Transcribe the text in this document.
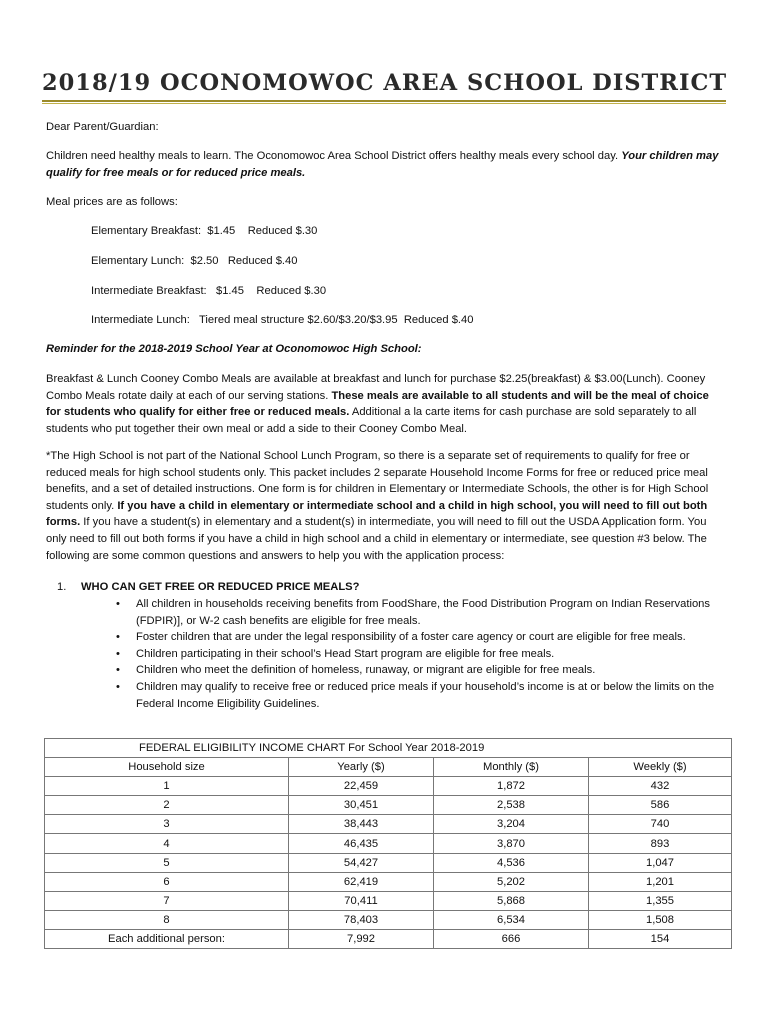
2018/19 OCONOMOWOC AREA SCHOOL DISTRICT
Dear Parent/Guardian:

Children need healthy meals to learn. The Oconomowoc Area School District offers healthy meals every school day. Your children may qualify for free meals or for reduced price meals.

Meal prices are as follows:
Elementary Breakfast:  $1.45    Reduced $.30
Elementary Lunch:  $2.50   Reduced $.40
Intermediate Breakfast:   $1.45    Reduced $.30
Intermediate Lunch:   Tiered meal structure $2.60/$3.20/$3.95  Reduced $.40
Reminder for the 2018-2019 School Year at Oconomowoc High School:

Breakfast & Lunch Cooney Combo Meals are available at breakfast and lunch for purchase $2.25(breakfast) & $3.00(Lunch). Cooney Combo Meals rotate daily at each of our serving stations. These meals are available to all students and will be the meal of choice for students who qualify for either free or reduced meals. Additional a la carte items for cash purchase are sold separately to all students who put together their own meal or add a side to their Cooney Combo Meal.

*The High School is not part of the National School Lunch Program, so there is a separate set of requirements to qualify for free or reduced meals for high school students only. This packet includes 2 separate Household Income Forms for free or reduced price meal benefits, and a set of detailed instructions. One form is for children in Elementary or Intermediate Schools, the other is for High School students only. If you have a child in elementary or intermediate school and a child in high school, you will need to fill out both forms. If you have a student(s) in elementary and a student(s) in intermediate, you will need to fill out the USDA Application form. You only need to fill out both forms if you have a child in high school and a child in elementary or intermediate, see question #3 below. The following are some common questions and answers to help you with the application process:

1. WHO CAN GET FREE OR REDUCED PRICE MEALS?
• All children in households receiving benefits from FoodShare, the Food Distribution Program on Indian Reservations (FDPIR)], or W-2 cash benefits are eligible for free meals.
• Foster children that are under the legal responsibility of a foster care agency or court are eligible for free meals.
• Children participating in their school’s Head Start program are eligible for free meals.
• Children who meet the definition of homeless, runaway, or migrant are eligible for free meals.
• Children may qualify to receive free or reduced price meals if your household’s income is at or below the limits on the Federal Income Eligibility Guidelines.
FEDERAL ELIGIBILITY INCOME CHART For School Year 2018-2019			
Household size	Yearly ($)	Monthly ($)	Weekly ($)
1	22,459	1,872	432
2	30,451	2,538	586
3	38,443	3,204	740
4	46,435	3,870	893
5	54,427	4,536	1,047
6	62,419	5,202	1,201
7	70,411	5,868	1,355
8	78,403	6,534	1,508
Each additional person:	7,992	666	154
